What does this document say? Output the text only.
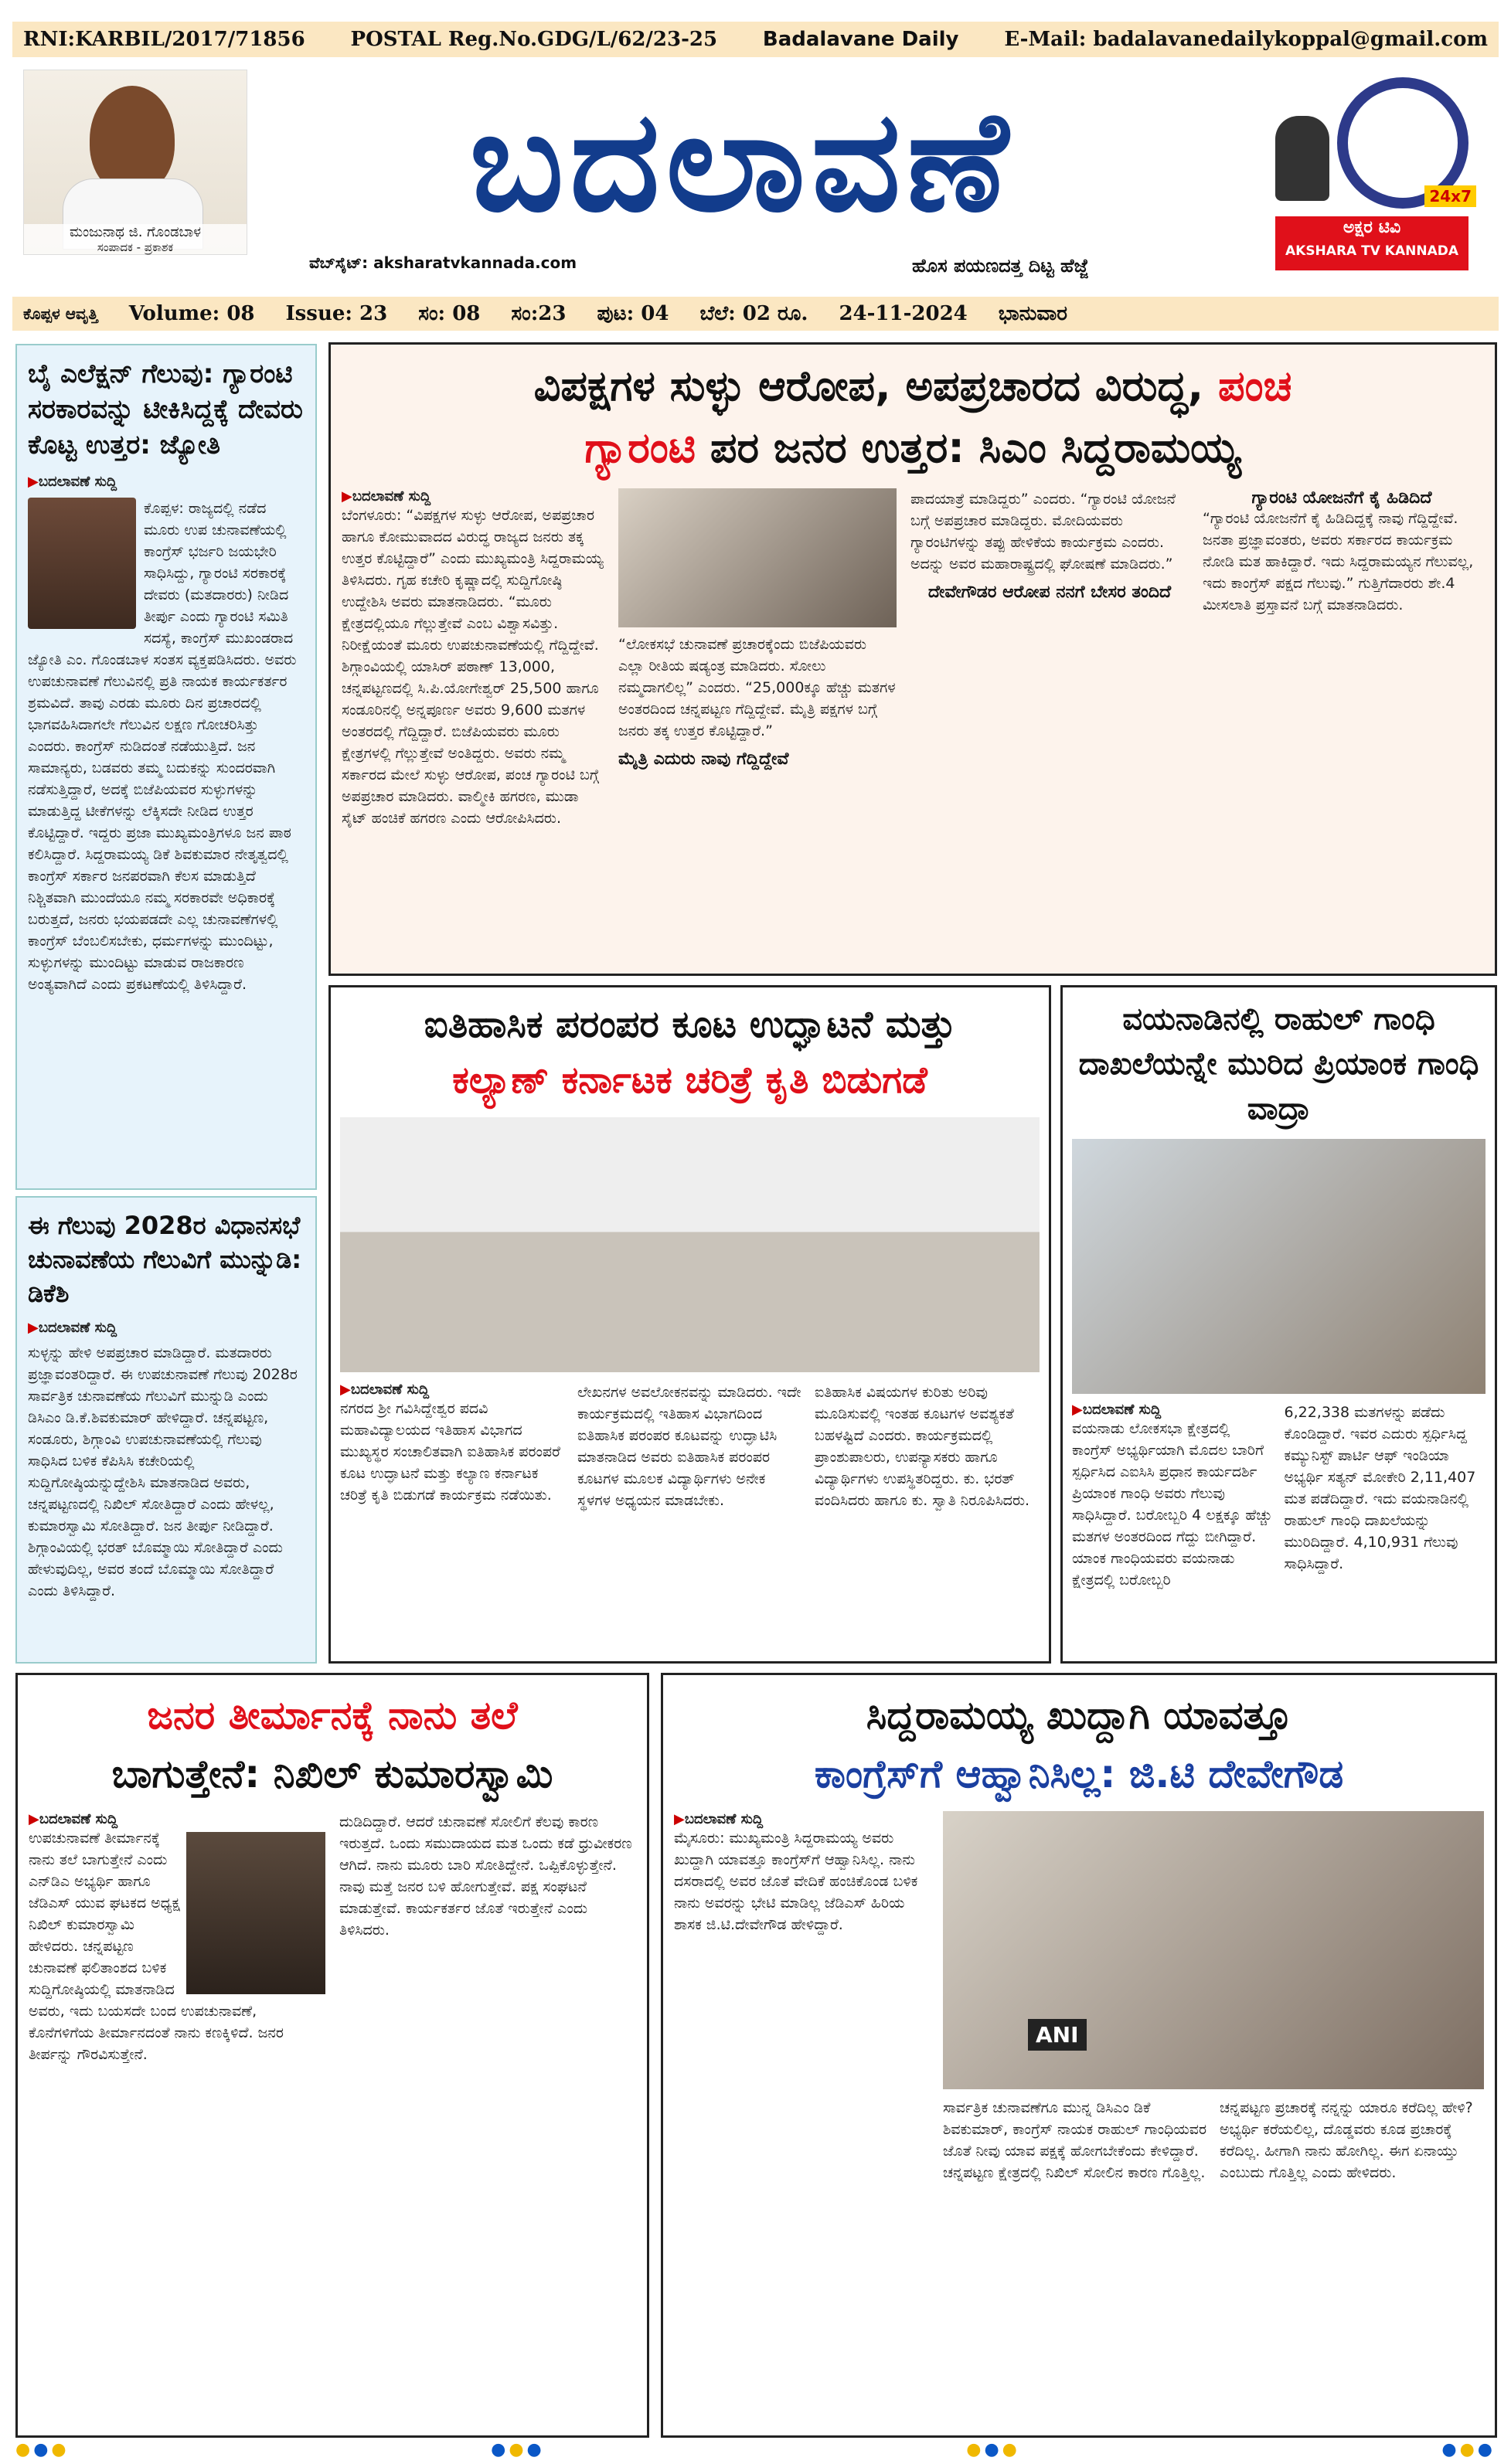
RNI:KARBIL/2017/71856 POSTAL Reg.No.GDG/L/62/23-25 Badalavane Daily E-Mail: badalavanedailykoppal@gmail.com
ಮಂಜುನಾಥ ಜಿ. ಗೊಂಡಬಾಳ
ಸಂಪಾದಕ - ಪ್ರಕಾಶಕ
ಬದಲಾವಣೆ
ವೆಬ್‌ಸೈಟ್: aksharatvkannada.com	ಹೊಸ ಪಯಣದತ್ತ ದಿಟ್ಟ ಹೆಜ್ಜೆ
ಅಕ್ಷರ ಟಿವಿ
AKSHARA TV KANNADA
24x7
ಕೊಪ್ಪಳ ಆವೃತ್ತಿ Volume: 08 Issue: 23 ಸಂ: 08 ಸಂ:23 ಪುಟ: 04 ಬೆಲೆ: 02 ರೂ. 24-11-2024 ಭಾನುವಾರ
ಬೈ ಎಲೆಕ್ಷನ್ ಗೆಲುವು: ಗ್ಯಾರಂಟಿ ಸರಕಾರವನ್ನು ಟೀಕಿಸಿದ್ದಕ್ಕೆ ದೇವರು ಕೊಟ್ಟ ಉತ್ತರ: ಜ್ಯೋತಿ
▶ ಬದಲಾವಣೆ ಸುದ್ದಿ
ಕೊಪ್ಪಳ: ರಾಜ್ಯದಲ್ಲಿ ನಡೆದ ಮೂರು ಉಪ ಚುನಾವಣೆಯಲ್ಲಿ ಕಾಂಗ್ರೆಸ್ ಭರ್ಜರಿ ಜಯಭೇರಿ ಸಾಧಿಸಿದ್ದು, ಗ್ಯಾರಂಟಿ ಸರಕಾರಕ್ಕೆ ದೇವರು (ಮತದಾರರು) ನೀಡಿದ ತೀರ್ಪು ಎಂದು ಗ್ಯಾರಂಟಿ ಸಮಿತಿ ಸದಸ್ಯೆ, ಕಾಂಗ್ರೆಸ್ ಮುಖಂಡರಾದ ಜ್ಯೋತಿ ಎಂ. ಗೊಂಡಬಾಳ ಸಂತಸ ವ್ಯಕ್ತಪಡಿಸಿದರು. ಅವರು ಉಪಚುನಾವಣೆ ಗೆಲುವಿನಲ್ಲಿ ಪ್ರತಿ ನಾಯಕ ಕಾರ್ಯಕರ್ತರ ಶ್ರಮವಿದೆ. ತಾವು ಎರಡು ಮೂರು ದಿನ ಪ್ರಚಾರದಲ್ಲಿ ಭಾಗವಹಿಸಿದಾಗಲೇ ಗೆಲುವಿನ ಲಕ್ಷಣ ಗೋಚರಿಸಿತ್ತು ಎಂದರು. ಕಾಂಗ್ರೆಸ್ ನುಡಿದಂತೆ ನಡೆಯುತ್ತಿದೆ. ಜನ ಸಾಮಾನ್ಯರು, ಬಡವರು ತಮ್ಮ ಬದುಕನ್ನು ಸುಂದರವಾಗಿ ನಡೆಸುತ್ತಿದ್ದಾರೆ, ಅದಕ್ಕೆ ಬಿಜೆಪಿಯವರ ಸುಳ್ಳುಗಳನ್ನು ಮಾಡುತ್ತಿದ್ದ ಟೀಕೆಗಳನ್ನು ಲೆಕ್ಕಿಸದೇ ನೀಡಿದ ಉತ್ತರ ಕೊಟ್ಟಿದ್ದಾರೆ. ಇದ್ದರು ಪ್ರಜಾ ಮುಖ್ಯಮಂತ್ರಿಗಳೂ ಜನ ಪಾಠ ಕಲಿಸಿದ್ದಾರೆ. ಸಿದ್ದರಾಮಯ್ಯ ಡಿಕೆ ಶಿವಕುಮಾರ ನೇತೃತ್ವದಲ್ಲಿ ಕಾಂಗ್ರೆಸ್ ಸರ್ಕಾರ ಜನಪರವಾಗಿ ಕೆಲಸ ಮಾಡುತ್ತಿದೆ ನಿಶ್ಚಿತವಾಗಿ ಮುಂದೆಯೂ ನಮ್ಮ ಸರಕಾರವೇ ಅಧಿಕಾರಕ್ಕೆ ಬರುತ್ತದೆ, ಜನರು ಭಯಪಡದೇ ಎಲ್ಲ ಚುನಾವಣೆಗಳಲ್ಲಿ ಕಾಂಗ್ರೆಸ್ ಬೆಂಬಲಿಸಬೇಕು, ಧರ್ಮಗಳನ್ನು ಮುಂದಿಟ್ಟು, ಸುಳ್ಳುಗಳನ್ನು ಮುಂದಿಟ್ಟು ಮಾಡುವ ರಾಜಕಾರಣ ಅಂತ್ಯವಾಗಿದೆ ಎಂದು ಪ್ರಕಟಣೆಯಲ್ಲಿ ತಿಳಿಸಿದ್ದಾರೆ.
ಈ ಗೆಲುವು 2028ರ ವಿಧಾನಸಭೆ ಚುನಾವಣೆಯ ಗೆಲುವಿಗೆ ಮುನ್ನುಡಿ: ಡಿಕೆಶಿ
▶ ಬದಲಾವಣೆ ಸುದ್ದಿ
ಸುಳ್ಳನ್ನು ಹೇಳಿ ಅಪಪ್ರಚಾರ ಮಾಡಿದ್ದಾರೆ. ಮತದಾರರು ಪ್ರಜ್ಞಾವಂತರಿದ್ದಾರೆ. ಈ ಉಪಚುನಾವಣೆ ಗೆಲುವು 2028ರ ಸಾರ್ವತ್ರಿಕ ಚುನಾವಣೆಯ ಗೆಲುವಿಗೆ ಮುನ್ನುಡಿ ಎಂದು ಡಿಸಿಎಂ ಡಿ.ಕೆ.ಶಿವಕುಮಾರ್ ಹೇಳಿದ್ದಾರೆ. ಚನ್ನಪಟ್ಟಣ, ಸಂಡೂರು, ಶಿಗ್ಗಾಂವಿ ಉಪಚುನಾವಣೆಯಲ್ಲಿ ಗೆಲುವು ಸಾಧಿಸಿದ ಬಳಿಕ ಕೆಪಿಸಿಸಿ ಕಚೇರಿಯಲ್ಲಿ ಸುದ್ದಿಗೋಷ್ಠಿಯನ್ನುದ್ದೇಶಿಸಿ ಮಾತನಾಡಿದ ಅವರು, ಚನ್ನಪಟ್ಟಣದಲ್ಲಿ ನಿಖಿಲ್ ಸೋತಿದ್ದಾರೆ ಎಂದು ಹೇಳಲ್ಲ, ಕುಮಾರಸ್ವಾಮಿ ಸೋತಿದ್ದಾರೆ. ಜನ ತೀರ್ಪು ನೀಡಿದ್ದಾರೆ. ಶಿಗ್ಗಾಂವಿಯಲ್ಲಿ ಭರತ್ ಬೊಮ್ಮಾಯಿ ಸೋತಿದ್ದಾರೆ ಎಂದು ಹೇಳುವುದಿಲ್ಲ, ಅವರ ತಂದೆ ಬೊಮ್ಮಾಯಿ ಸೋತಿದ್ದಾರೆ ಎಂದು ತಿಳಿಸಿದ್ದಾರೆ.
ವಿಪಕ್ಷಗಳ ಸುಳ್ಳು ಆರೋಪ, ಅಪಪ್ರಚಾರದ ವಿರುದ್ಧ, ಪಂಚ
ಗ್ಯಾರಂಟಿ ಪರ ಜನರ ಉತ್ತರ: ಸಿಎಂ ಸಿದ್ದರಾಮಯ್ಯ
▶ ಬದಲಾವಣೆ ಸುದ್ದಿ
ಬೆಂಗಳೂರು: “ವಿಪಕ್ಷಗಳ ಸುಳ್ಳು ಆರೋಪ, ಅಪಪ್ರಚಾರ ಹಾಗೂ ಕೋಮುವಾದದ ವಿರುದ್ಧ ರಾಜ್ಯದ ಜನರು ತಕ್ಕ ಉತ್ತರ ಕೊಟ್ಟಿದ್ದಾರೆ” ಎಂದು ಮುಖ್ಯಮಂತ್ರಿ ಸಿದ್ದರಾಮಯ್ಯ ತಿಳಿಸಿದರು. ಗೃಹ ಕಚೇರಿ ಕೃಷ್ಣಾದಲ್ಲಿ ಸುದ್ದಿಗೋಷ್ಠಿ ಉದ್ದೇಶಿಸಿ ಅವರು ಮಾತನಾಡಿದರು. “ಮೂರು ಕ್ಷೇತ್ರದಲ್ಲಿಯೂ ಗೆಲ್ಲುತ್ತೇವೆ ಎಂಬ ವಿಶ್ವಾಸವಿತ್ತು. ನಿರೀಕ್ಷೆಯಂತೆ ಮೂರು ಉಪಚುನಾವಣೆಯಲ್ಲಿ ಗೆದ್ದಿದ್ದೇವೆ. ಶಿಗ್ಗಾಂವಿಯಲ್ಲಿ ಯಾಸಿರ್ ಪಠಾಣ್ 13,000, ಚನ್ನಪಟ್ಟಣದಲ್ಲಿ ಸಿ.ಪಿ.ಯೋಗೇಶ್ವರ್ 25,500 ಹಾಗೂ ಸಂಡೂರಿನಲ್ಲಿ ಅನ್ನಪೂರ್ಣ ಅವರು 9,600 ಮತಗಳ ಅಂತರದಲ್ಲಿ ಗೆದ್ದಿದ್ದಾರೆ. ಬಿಜೆಪಿಯವರು ಮೂರು ಕ್ಷೇತ್ರಗಳಲ್ಲಿ ಗೆಲ್ಲುತ್ತೇವೆ ಅಂತಿದ್ದರು. ಅವರು ನಮ್ಮ ಸರ್ಕಾರದ ಮೇಲೆ ಸುಳ್ಳು ಆರೋಪ, ಪಂಚ ಗ್ಯಾರಂಟಿ ಬಗ್ಗೆ ಅಪಪ್ರಚಾರ ಮಾಡಿದರು. ವಾಲ್ಮೀಕಿ ಹಗರಣ, ಮುಡಾ ಸೈಟ್ ಹಂಚಿಕೆ ಹಗರಣ ಎಂದು ಆರೋಪಿಸಿದರು.
“ಲೋಕಸಭೆ ಚುನಾವಣೆ ಪ್ರಚಾರಕ್ಕೆಂದು ಬಿಜೆಪಿಯವರು ಎಲ್ಲಾ ರೀತಿಯ ಷಡ್ಯಂತ್ರ ಮಾಡಿದರು. ಸೋಲು ನಮ್ಮದಾಗಲಿಲ್ಲ” ಎಂದರು. “25,000ಕ್ಕೂ ಹೆಚ್ಚು ಮತಗಳ ಅಂತರದಿಂದ ಚನ್ನಪಟ್ಟಣ ಗೆದ್ದಿದ್ದೇವೆ. ಮೈತ್ರಿ ಪಕ್ಷಗಳ ಬಗ್ಗೆ ಜನರು ತಕ್ಕ ಉತ್ತರ ಕೊಟ್ಟಿದ್ದಾರೆ.”
ಮೈತ್ರಿ ಎದುರು ನಾವು ಗೆದ್ದಿದ್ದೇವೆ
ಪಾದಯಾತ್ರೆ ಮಾಡಿದ್ದರು” ಎಂದರು. “ಗ್ಯಾರಂಟಿ ಯೋಜನೆ ಬಗ್ಗೆ ಅಪಪ್ರಚಾರ ಮಾಡಿದ್ದರು. ಮೋದಿಯವರು ಗ್ಯಾರಂಟಿಗಳನ್ನು ತಪ್ಪು ಹೇಳಿಕೆಯ ಕಾರ್ಯಕ್ರಮ ಎಂದರು. ಅದನ್ನು ಅವರ ಮಹಾರಾಷ್ಟ್ರದಲ್ಲಿ ಘೋಷಣೆ ಮಾಡಿದರು.”
ದೇವೇಗೌಡರ ಆರೋಪ ನನಗೆ ಬೇಸರ ತಂದಿದೆ
ಗ್ಯಾರಂಟಿ ಯೋಜನೆಗೆ ಕೈ ಹಿಡಿದಿದೆ
“ಗ್ಯಾರಂಟಿ ಯೋಜನೆಗೆ ಕೈ ಹಿಡಿದಿದ್ದಕ್ಕೆ ನಾವು ಗೆದ್ದಿದ್ದೇವೆ. ಜನತಾ ಪ್ರಜ್ಞಾವಂತರು, ಅವರು ಸರ್ಕಾರದ ಕಾರ್ಯಕ್ರಮ ನೋಡಿ ಮತ ಹಾಕಿದ್ದಾರೆ. ಇದು ಸಿದ್ದರಾಮಯ್ಯನ ಗೆಲುವಲ್ಲ, ಇದು ಕಾಂಗ್ರೆಸ್ ಪಕ್ಷದ ಗೆಲುವು.” ಗುತ್ತಿಗೆದಾರರು ಶೇ.4 ಮೀಸಲಾತಿ ಪ್ರಸ್ತಾವನೆ ಬಗ್ಗೆ ಮಾತನಾಡಿದರು.
ಐತಿಹಾಸಿಕ ಪರಂಪರ ಕೂಟ ಉದ್ಘಾಟನೆ ಮತ್ತು
ಕಲ್ಯಾಣ್ ಕರ್ನಾಟಕ ಚರಿತ್ರೆ ಕೃತಿ ಬಿಡುಗಡೆ
▶ ಬದಲಾವಣೆ ಸುದ್ದಿ
ನಗರದ ಶ್ರೀ ಗವಿಸಿದ್ದೇಶ್ವರ ಪದವಿ ಮಹಾವಿದ್ಯಾಲಯದ ಇತಿಹಾಸ ವಿಭಾಗದ ಮುಖ್ಯಸ್ಥರ ಸಂಚಾಲಿತವಾಗಿ ಐತಿಹಾಸಿಕ ಪರಂಪರೆ ಕೂಟ ಉದ್ಘಾಟನೆ ಮತ್ತು ಕಲ್ಯಾಣ ಕರ್ನಾಟಕ ಚರಿತ್ರೆ ಕೃತಿ ಬಿಡುಗಡೆ ಕಾರ್ಯಕ್ರಮ ನಡೆಯಿತು.
ಲೇಖನಗಳ ಅವಲೋಕನವನ್ನು ಮಾಡಿದರು. ಇದೇ ಕಾರ್ಯಕ್ರಮದಲ್ಲಿ ಇತಿಹಾಸ ವಿಭಾಗದಿಂದ ಐತಿಹಾಸಿಕ ಪರಂಪರ ಕೂಟವನ್ನು ಉದ್ಘಾಟಿಸಿ ಮಾತನಾಡಿದ ಅವರು ಐತಿಹಾಸಿಕ ಪರಂಪರ ಕೂಟಗಳ ಮೂಲಕ ವಿದ್ಯಾರ್ಥಿಗಳು ಅನೇಕ ಸ್ಥಳಗಳ ಅಧ್ಯಯನ ಮಾಡಬೇಕು.
ಐತಿಹಾಸಿಕ ವಿಷಯಗಳ ಕುರಿತು ಅರಿವು ಮೂಡಿಸುವಲ್ಲಿ ಇಂತಹ ಕೂಟಗಳ ಅವಶ್ಯಕತೆ ಬಹಳಷ್ಟಿದೆ ಎಂದರು. ಕಾರ್ಯಕ್ರಮದಲ್ಲಿ ಪ್ರಾಂಶುಪಾಲರು, ಉಪನ್ಯಾಸಕರು ಹಾಗೂ ವಿದ್ಯಾರ್ಥಿಗಳು ಉಪಸ್ಥಿತರಿದ್ದರು. ಕು. ಭರತ್ ವಂದಿಸಿದರು ಹಾಗೂ ಕು. ಸ್ವಾತಿ ನಿರೂಪಿಸಿದರು.
ವಯನಾಡಿನಲ್ಲಿ ರಾಹುಲ್ ಗಾಂಧಿ ದಾಖಲೆಯನ್ನೇ ಮುರಿದ ಪ್ರಿಯಾಂಕ ಗಾಂಧಿ ವಾದ್ರಾ
▶ ಬದಲಾವಣೆ ಸುದ್ದಿ
ವಯನಾಡು ಲೋಕಸಭಾ ಕ್ಷೇತ್ರದಲ್ಲಿ ಕಾಂಗ್ರೆಸ್ ಅಭ್ಯರ್ಥಿಯಾಗಿ ಮೊದಲ ಬಾರಿಗೆ ಸ್ಪರ್ಧಿಸಿದ ಎಐಸಿಸಿ ಪ್ರಧಾನ ಕಾರ್ಯದರ್ಶಿ ಪ್ರಿಯಾಂಕ ಗಾಂಧಿ ಅವರು ಗೆಲುವು ಸಾಧಿಸಿದ್ದಾರೆ. ಬರೋಬ್ಬರಿ 4 ಲಕ್ಷಕ್ಕೂ ಹೆಚ್ಚು ಮತಗಳ ಅಂತರದಿಂದ ಗೆದ್ದು ಬೀಗಿದ್ದಾರೆ. ಯಾಂಕ ಗಾಂಧಿಯವರು ವಯನಾಡು ಕ್ಷೇತ್ರದಲ್ಲಿ ಬರೋಬ್ಬರಿ
6,22,338 ಮತಗಳನ್ನು ಪಡೆದು ಕೊಂಡಿದ್ದಾರೆ. ಇವರ ಎದುರು ಸ್ಪರ್ಧಿಸಿದ್ದ ಕಮ್ಯುನಿಸ್ಟ್ ಪಾರ್ಟಿ ಆಫ್ ಇಂಡಿಯಾ ಅಭ್ಯರ್ಥಿ ಸತ್ಯನ್ ಮೋಕೇರಿ 2,11,407 ಮತ ಪಡೆದಿದ್ದಾರೆ. ಇದು ವಯನಾಡಿನಲ್ಲಿ ರಾಹುಲ್ ಗಾಂಧಿ ದಾಖಲೆಯನ್ನು ಮುರಿದಿದ್ದಾರೆ. 4,10,931 ಗೆಲುವು ಸಾಧಿಸಿದ್ದಾರೆ.
ಜನರ ತೀರ್ಮಾನಕ್ಕೆ ನಾನು ತಲೆ
ಬಾಗುತ್ತೇನೆ: ನಿಖಿಲ್ ಕುಮಾರಸ್ವಾಮಿ
▶ ಬದಲಾವಣೆ ಸುದ್ದಿ
ಉಪಚುನಾವಣೆ ತೀರ್ಮಾನಕ್ಕೆ ನಾನು ತಲೆ ಬಾಗುತ್ತೇನೆ ಎಂದು ಎನ್‌ಡಿಎ ಅಭ್ಯರ್ಥಿ ಹಾಗೂ ಜೆಡಿಎಸ್ ಯುವ ಘಟಕದ ಅಧ್ಯಕ್ಷ ನಿಖಿಲ್ ಕುಮಾರಸ್ವಾಮಿ ಹೇಳಿದರು. ಚನ್ನಪಟ್ಟಣ ಚುನಾವಣೆ ಫಲಿತಾಂಶದ ಬಳಿಕ ಸುದ್ದಿಗೋಷ್ಠಿಯಲ್ಲಿ ಮಾತನಾಡಿದ ಅವರು, ಇದು ಬಯಸದೇ ಬಂದ ಉಪಚುನಾವಣೆ, ಕೊನೆಗಳಿಗೆಯ ತೀರ್ಮಾನದಂತೆ ನಾನು ಕಣಕ್ಕಿಳಿದೆ. ಜನರ ತೀರ್ಪನ್ನು ಗೌರವಿಸುತ್ತೇನೆ.
ದುಡಿದಿದ್ದಾರೆ. ಆದರೆ ಚುನಾವಣೆ ಸೋಲಿಗೆ ಕೆಲವು ಕಾರಣ ಇರುತ್ತದೆ. ಒಂದು ಸಮುದಾಯದ ಮತ ಒಂದು ಕಡೆ ಧ್ರುವೀಕರಣ ಆಗಿದೆ. ನಾನು ಮೂರು ಬಾರಿ ಸೋತಿದ್ದೇನೆ. ಒಪ್ಪಿಕೊಳ್ಳುತ್ತೇನೆ. ನಾವು ಮತ್ತೆ ಜನರ ಬಳಿ ಹೋಗುತ್ತೇವೆ. ಪಕ್ಷ ಸಂಘಟನೆ ಮಾಡುತ್ತೇವೆ. ಕಾರ್ಯಕರ್ತರ ಜೊತೆ ಇರುತ್ತೇನೆ ಎಂದು ತಿಳಿಸಿದರು.
ಸಿದ್ದರಾಮಯ್ಯ ಖುದ್ದಾಗಿ ಯಾವತ್ತೂ
ಕಾಂಗ್ರೆಸ್‌ಗೆ ಆಹ್ವಾನಿಸಿಲ್ಲ: ಜಿ.ಟಿ ದೇವೇಗೌಡ
▶ ಬದಲಾವಣೆ ಸುದ್ದಿ
ಮೈಸೂರು: ಮುಖ್ಯಮಂತ್ರಿ ಸಿದ್ದರಾಮಯ್ಯ ಅವರು ಖುದ್ದಾಗಿ ಯಾವತ್ತೂ ಕಾಂಗ್ರೆಸ್‌ಗೆ ಆಹ್ವಾನಿಸಿಲ್ಲ. ನಾನು ದಸರಾದಲ್ಲಿ ಅವರ ಜೊತೆ ವೇದಿಕೆ ಹಂಚಿಕೊಂಡ ಬಳಿಕ ನಾನು ಅವರನ್ನು ಭೇಟಿ ಮಾಡಿಲ್ಲ ಜೆಡಿಎಸ್ ಹಿರಿಯ ಶಾಸಕ ಜಿ.ಟಿ.ದೇವೇಗೌಡ ಹೇಳಿದ್ದಾರೆ.
ANI
ಸಾರ್ವತ್ರಿಕ ಚುನಾವಣೆಗೂ ಮುನ್ನ ಡಿಸಿಎಂ ಡಿಕೆ ಶಿವಕುಮಾರ್, ಕಾಂಗ್ರೆಸ್ ನಾಯಕ ರಾಹುಲ್ ಗಾಂಧಿಯವರ ಜೊತೆ ನೀವು ಯಾವ ಪಕ್ಷಕ್ಕೆ ಹೋಗಬೇಕೆಂದು ಕೇಳಿದ್ದಾರೆ. ಚನ್ನಪಟ್ಟಣ ಕ್ಷೇತ್ರದಲ್ಲಿ ನಿಖಿಲ್ ಸೋಲಿನ ಕಾರಣ ಗೊತ್ತಿಲ್ಲ.
ಚನ್ನಪಟ್ಟಣ ಪ್ರಚಾರಕ್ಕೆ ನನ್ನನ್ನು ಯಾರೂ ಕರೆದಿಲ್ಲ ಹೇಳಿ? ಅಭ್ಯರ್ಥಿ ಕರೆಯಲಿಲ್ಲ, ದೊಡ್ಡವರು ಕೂಡ ಪ್ರಚಾರಕ್ಕೆ ಕರೆದಿಲ್ಲ. ಹೀಗಾಗಿ ನಾನು ಹೋಗಿಲ್ಲ. ಈಗ ಏನಾಯ್ತು ಎಂಬುದು ಗೊತ್ತಿಲ್ಲ ಎಂದು ಹೇಳಿದರು.
●●●	●●●	●●●	●●●
